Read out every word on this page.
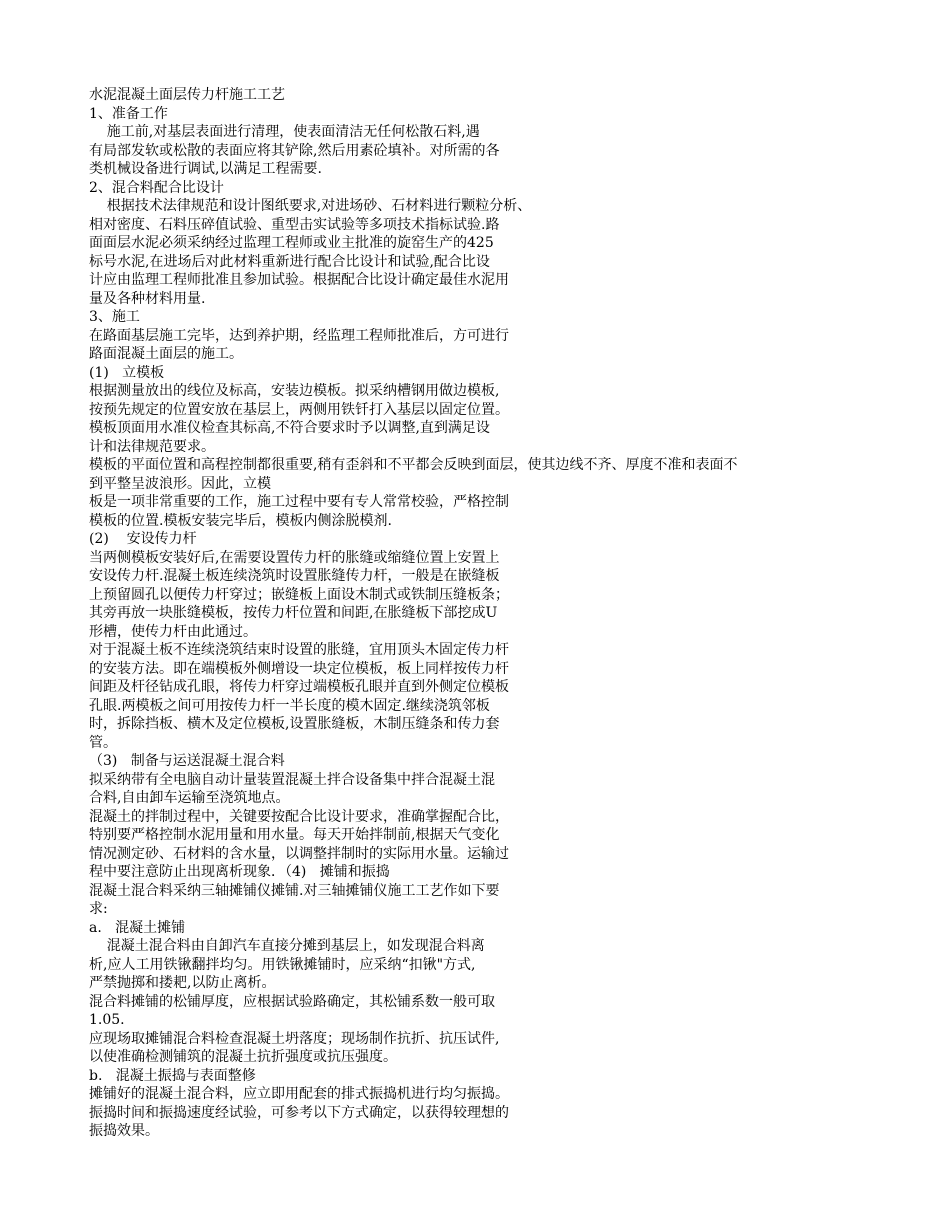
水泥混凝土面层传力杆施工工艺
1、准备工作
施工前,对基层表面进行清理，使表面清洁无任何松散石料,遇
有局部发软或松散的表面应将其铲除,然后用素砼填补。对所需的各
类机械设备进行调试,以满足工程需要.
2、混合料配合比设计
根据技术法律规范和设计图纸要求,对进场砂、石材料进行颗粒分析、
相对密度、石料压碎值试验、重型击实试验等多项技术指标试验.路
面面层水泥必须采纳经过监理工程师或业主批准的旋窑生产的425
标号水泥,在进场后对此材料重新进行配合比设计和试验,配合比设
计应由监理工程师批准且参加试验。根据配合比设计确定最佳水泥用
量及各种材料用量.
3、施工
在路面基层施工完毕，达到养护期，经监理工程师批准后，方可进行
路面混凝土面层的施工。
(1)   立模板
根据测量放出的线位及标高，安装边模板。拟采纳槽钢用做边模板,
按预先规定的位置安放在基层上，两侧用铁钎打入基层以固定位置。
模板顶面用水准仪检查其标高,不符合要求时予以调整,直到满足设
计和法律规范要求。
模板的平面位置和高程控制都很重要,稍有歪斜和不平都会反映到面层，使其边线不齐、厚度不准和表面不
到平整呈波浪形。因此，立模
板是一项非常重要的工作，施工过程中要有专人常常校验，严格控制
模板的位置.模板安装完毕后，模板内侧涂脱模剂.
(2)    安设传力杆
当两侧模板安装好后,在需要设置传力杆的胀缝或缩缝位置上安置上
安设传力杆.混凝土板连续浇筑时设置胀缝传力杆，一般是在嵌缝板
上预留圆孔以便传力杆穿过；嵌缝板上面设木制式或铁制压缝板条；
其旁再放一块胀缝模板，按传力杆位置和间距,在胀缝板下部挖成U
形槽，使传力杆由此通过。
对于混凝土板不连续浇筑结束时设置的胀缝，宜用顶头木固定传力杆
的安装方法。即在端模板外侧增设一块定位模板，板上同样按传力杆
间距及杆径钻成孔眼，将传力杆穿过端模板孔眼并直到外侧定位模板
孔眼.两模板之间可用按传力杆一半长度的模木固定.继续浇筑邻板
时，拆除挡板、横木及定位模板,设置胀缝板，木制压缝条和传力套
管。
（3)   制备与运送混凝土混合料
拟采纳带有全电脑自动计量装置混凝土拌合设备集中拌合混凝土混
合料,自由卸车运输至浇筑地点。
混凝土的拌制过程中，关键要按配合比设计要求，准确掌握配合比，
特别要严格控制水泥用量和用水量。每天开始拌制前,根据天气变化
情况测定砂、石材料的含水量，以调整拌制时的实际用水量。运输过
程中要注意防止出现离析现象．（4)   摊铺和振捣
混凝土混合料采纳三轴摊铺仪摊铺.对三轴摊铺仪施工工艺作如下要
求:
a.   混凝土摊铺
混凝土混合料由自卸汽车直接分摊到基层上，如发现混合料离
析,应人工用铁锹翻拌均匀。用铁锹摊铺时，应采纳“扣锹"方式,
严禁抛掷和搂耙,以防止离析。
混合料摊铺的松铺厚度，应根据试验路确定，其松铺系数一般可取
1.05.
应现场取摊铺混合料检查混凝土坍落度；现场制作抗折、抗压试件,
以使准确检测铺筑的混凝土抗折强度或抗压强度。
b.   混凝土振捣与表面整修
摊铺好的混凝土混合料，应立即用配套的排式振捣机进行均匀振捣。
振捣时间和振捣速度经试验，可参考以下方式确定，以获得较理想的
振捣效果。
